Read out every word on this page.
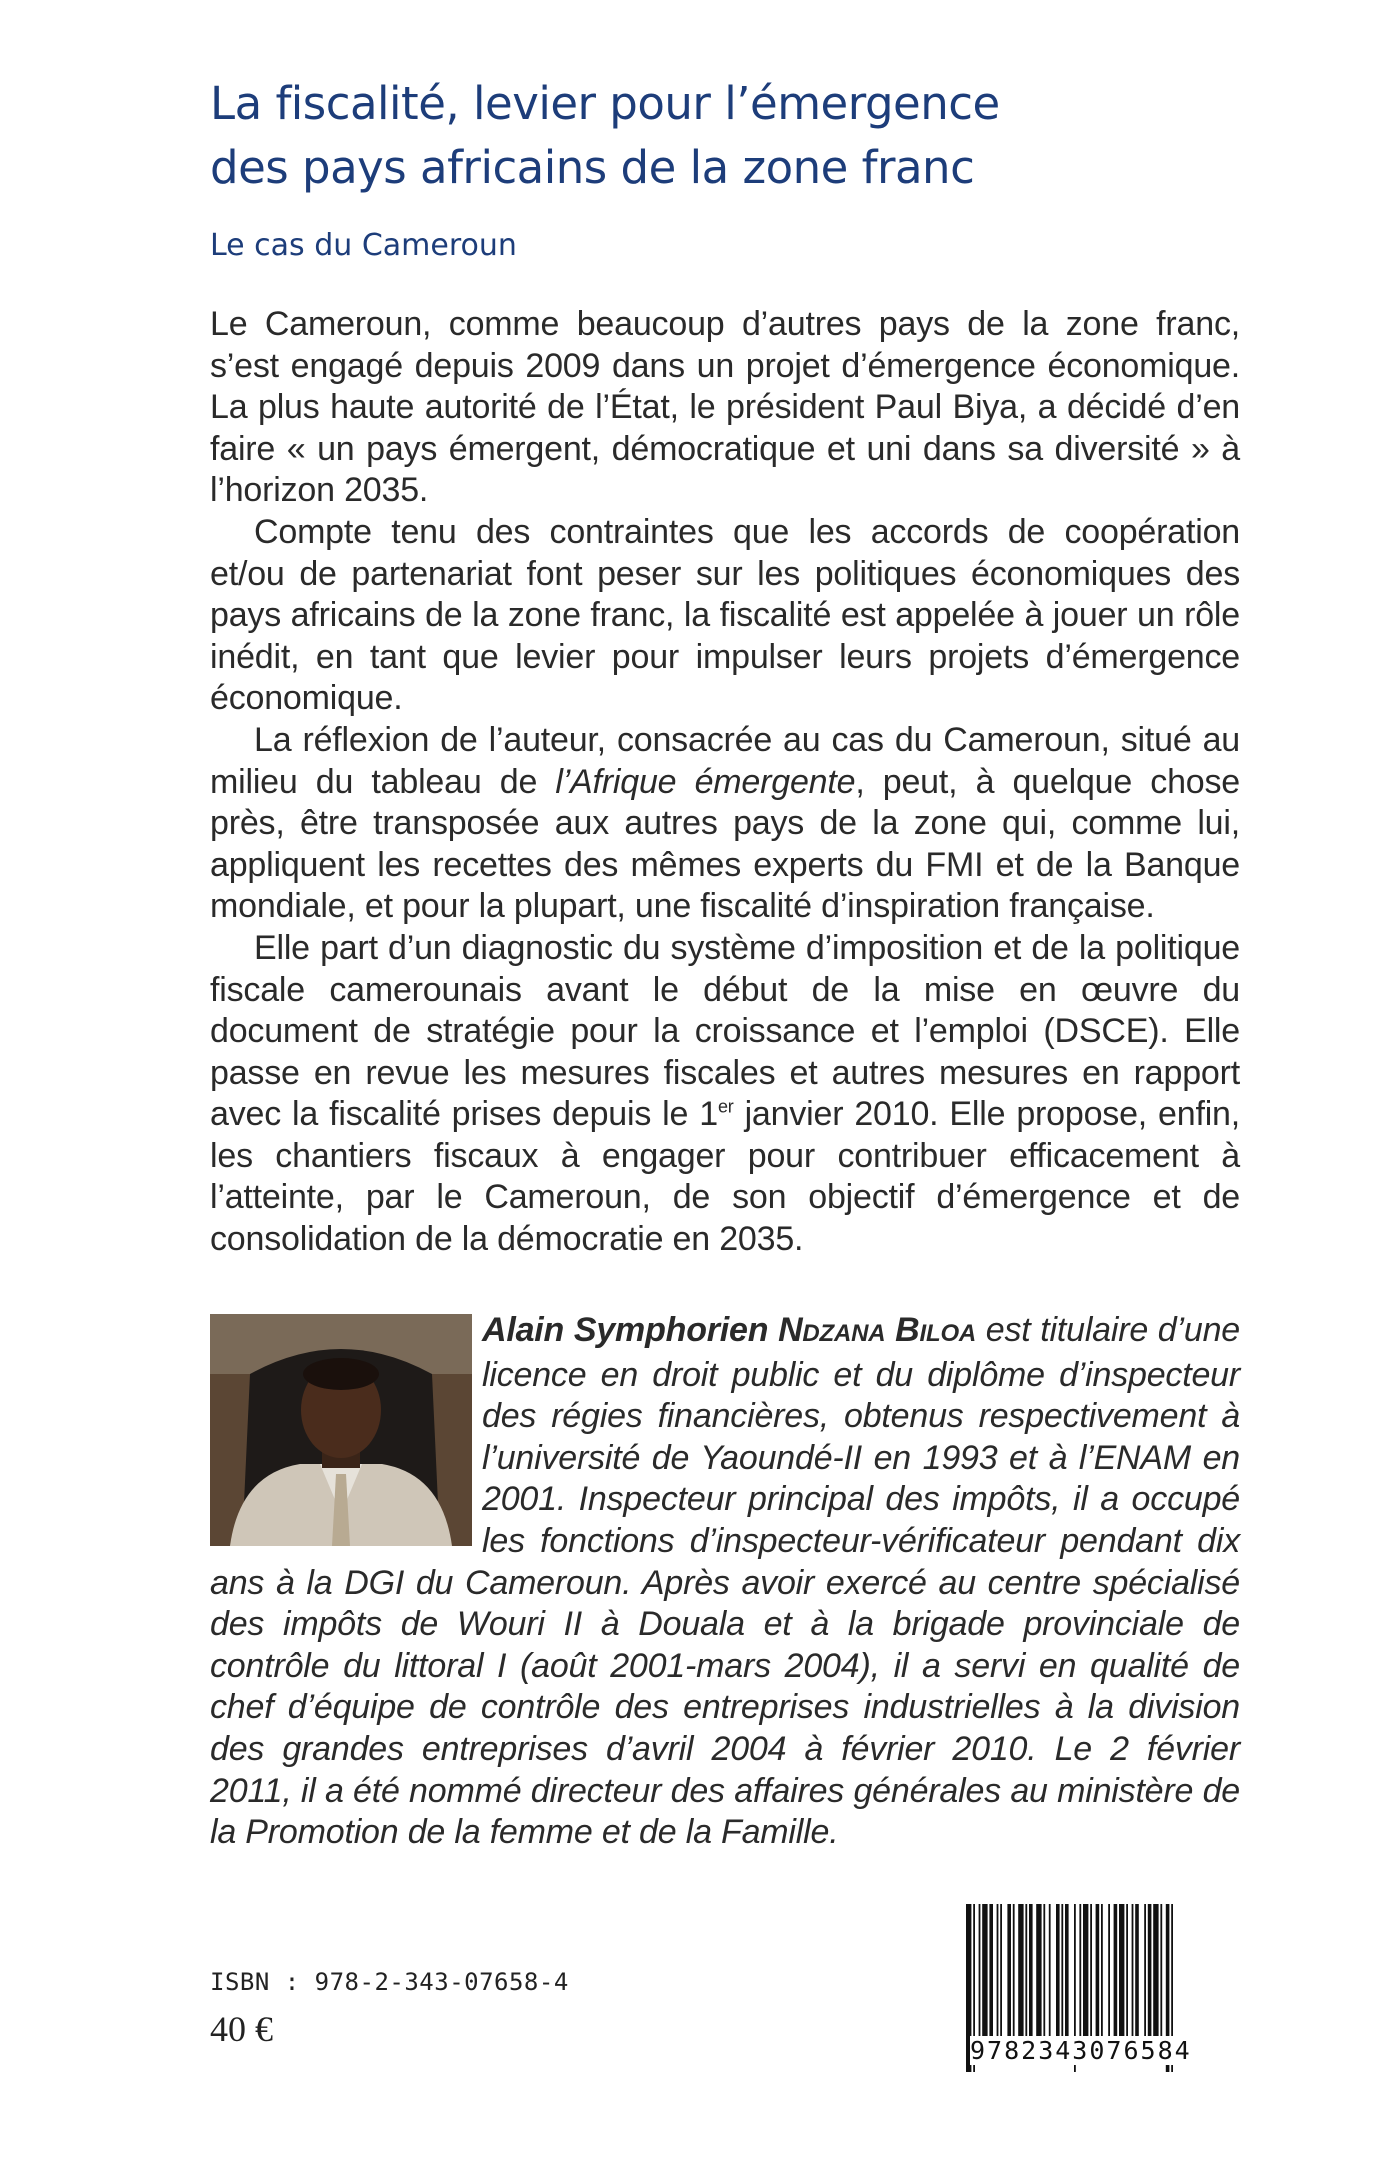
La fiscalité, levier pour l’émergence
des pays africains de la zone franc
Le cas du Cameroun

Le Cameroun, comme beaucoup d’autres pays de la zone franc, s’est engagé depuis 2009 dans un projet d’émergence économique. La plus haute autorité de l’État, le président Paul Biya, a décidé d’en faire « un pays émergent, démocratique et uni dans sa diversité » à l’horizon 2035.

Compte tenu des contraintes que les accords de coopération et/ou de partenariat font peser sur les politiques économiques des pays africains de la zone franc, la fiscalité est appelée à jouer un rôle inédit, en tant que levier pour impulser leurs projets d’émergence économique.

La réflexion de l’auteur, consacrée au cas du Cameroun, situé au milieu du tableau de l’Afrique émergente, peut, à quelque chose près, être transposée aux autres pays de la zone qui, comme lui, appliquent les recettes des mêmes experts du FMI et de la Banque mondiale, et pour la plupart, une fiscalité d’inspiration française.

Elle part d’un diagnostic du système d’imposition et de la politique fiscale camerounais avant le début de la mise en œuvre du document de stratégie pour la croissance et l’emploi (DSCE). Elle passe en revue les mesures fiscales et autres mesures en rapport avec la fiscalité prises depuis le 1er janvier 2010. Elle propose, enfin, les chantiers fiscaux à engager pour contribuer efficacement à l’atteinte, par le Cameroun, de son objectif d’émergence et de consolidation de la démocratie en 2035.

Alain Symphorien NDZANA BILOA est titulaire d’une licence en droit public et du diplôme d’inspecteur des régies financières, obtenus respectivement à l’université de Yaoundé-II en 1993 et à l’ENAM en 2001. Inspecteur principal des impôts, il a occupé les fonctions d’inspecteur-vérificateur pendant dix ans à la DGI du Cameroun. Après avoir exercé au centre spécialisé des impôts de Wouri II à Douala et à la brigade provinciale de contrôle du littoral I (août 2001-mars 2004), il a servi en qualité de chef d’équipe de contrôle des entreprises industrielles à la division des grandes entreprises d’avril 2004 à février 2010. Le 2 février 2011, il a été nommé directeur des affaires générales au ministère de la Promotion de la femme et de la Famille.
ISBN : 978-2-343-07658-4
40 €
9782343076584
